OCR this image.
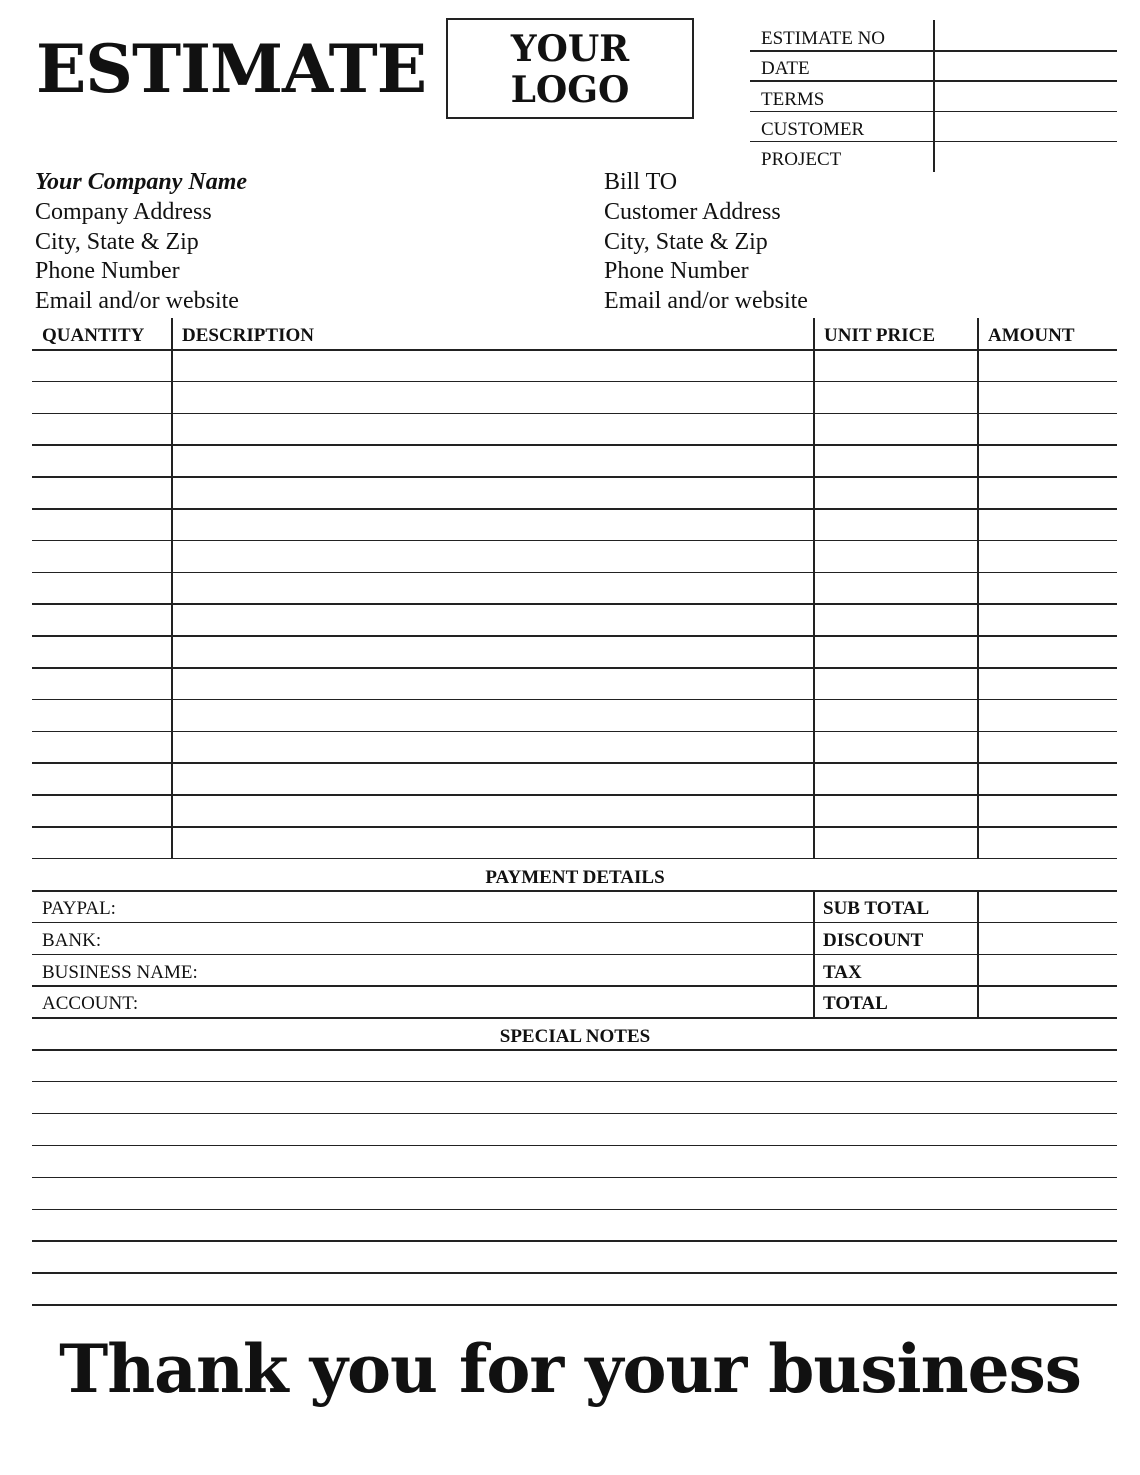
ESTIMATE	YOUR
LOGO
Your Company Name
Company Address
City, State & Zip
Phone Number
Email and/or website
Bill TO
Customer Address
City, State & Zip
Phone Number
Email and/or website
QUANTITY DESCRIPTION	UNIT PRICE	AMOUNT
PAYMENT DETAILS
SPECIAL NOTES
Thank you for your business
ESTIMATE NO
DATE
TERMS
CUSTOMER
PROJECT
PAYPAL:	SUB TOTAL
BANK:	DISCOUNT
BUSINESS NAME:	TAX
ACCOUNT:	TOTAL
